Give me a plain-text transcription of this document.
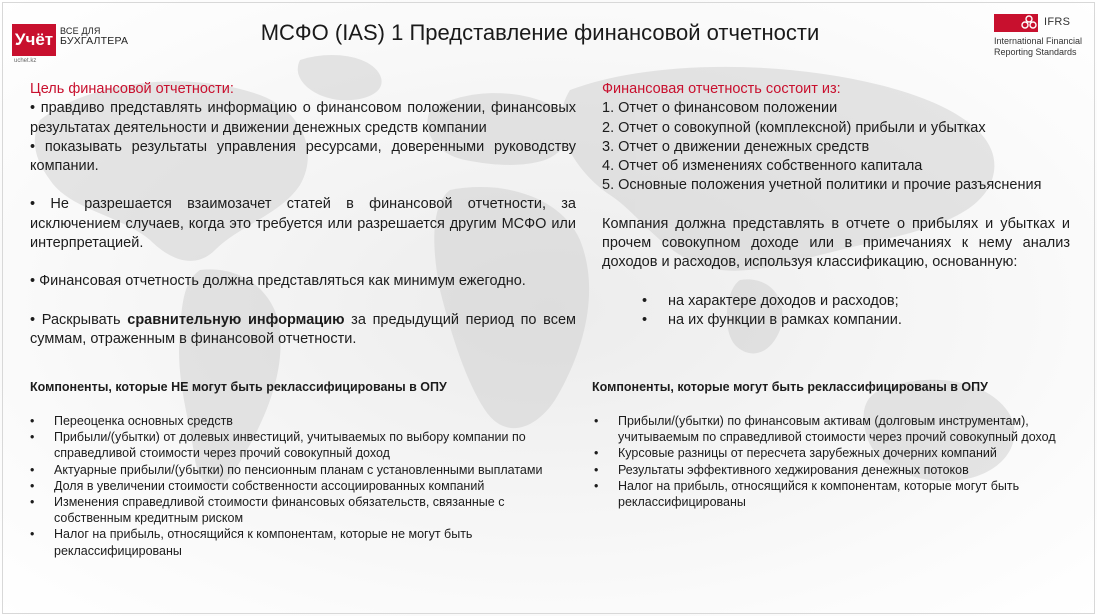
Учёт ВСЕ ДЛЯ
БУХГАЛТЕРА
uchet.kz
МСФО (IAS) 1 Представление финансовой отчетности	IFRS
International Financial
Reporting Standards
Цель финансовой отчетности:
• правдиво представлять информацию о финансовом положении, финансовых результатах деятельности и движении денежных средств компании
• показывать результаты управления ресурсами, доверенными руководству компании.
• Не разрешается взаимозачет статей в финансовой отчетности, за исключением случаев, когда это требуется или разрешается другим МСФО или интерпретацией.
• Финансовая отчетность должна представляться как минимум ежегодно.
• Раскрывать сравнительную информацию за предыдущий период по всем суммам, отраженным в финансовой отчетности.
Финансовая отчетность состоит из:
1. Отчет о финансовом положении
2. Отчет о совокупной (комплексной) прибыли и убытках
3. Отчет о движении денежных средств
4. Отчет об изменениях собственного капитала
5. Основные положения учетной политики и прочие разъяснения
Компания должна представлять в отчете о прибылях и убытках и прочем совокупном доходе или в примечаниях к нему анализ доходов и расходов, используя классификацию, основанную:
• на характере доходов и расходов;
• на их функции в рамках компании.
Компоненты, которые НЕ могут быть реклассифицированы в ОПУ
• Переоценка основных средств
• Прибыли/(убытки) от долевых инвестиций, учитываемых по выбору компании по справедливой стоимости через прочий совокупный доход
• Актуарные прибыли/(убытки) по пенсионным планам с установленными выплатами
• Доля в увеличении стоимости собственности ассоциированных компаний
• Изменения справедливой стоимости финансовых обязательств, связанные с собственным кредитным риском
• Налог на прибыль, относящийся к компонентам, которые не могут быть реклассифицированы
Компоненты, которые могут быть реклассифицированы в ОПУ
• Прибыли/(убытки) по финансовым активам (долговым инструментам), учитываемым по справедливой стоимости через прочий совокупный доход
• Курсовые разницы от пересчета зарубежных дочерних компаний
• Результаты эффективного хеджирования денежных потоков
• Налог на прибыль, относящийся к компонентам, которые могут быть реклассифицированы
